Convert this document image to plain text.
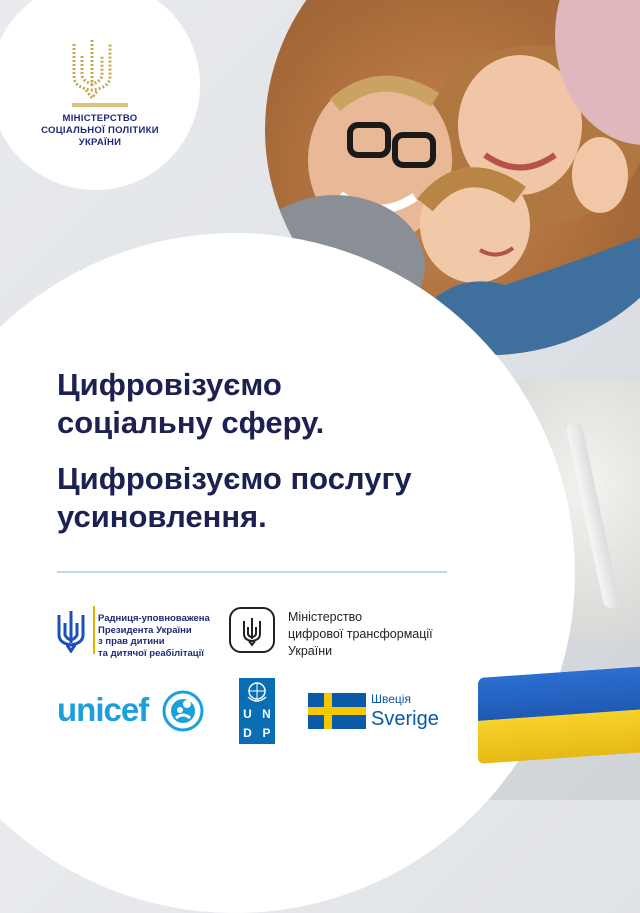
МІНІСТЕРСТВО
СОЦІАЛЬНОЇ ПОЛІТИКИ
УКРАЇНИ
Цифровізуємо
соціальну сферу.
Цифровізуємо послугу
усиновлення.
Радниця-уповноважена
Президента України
з прав дитини
та дитячої реабілітації
Міністерство
цифрової трансформації
України
unicef	U N
D P
Швеція
Sverige
